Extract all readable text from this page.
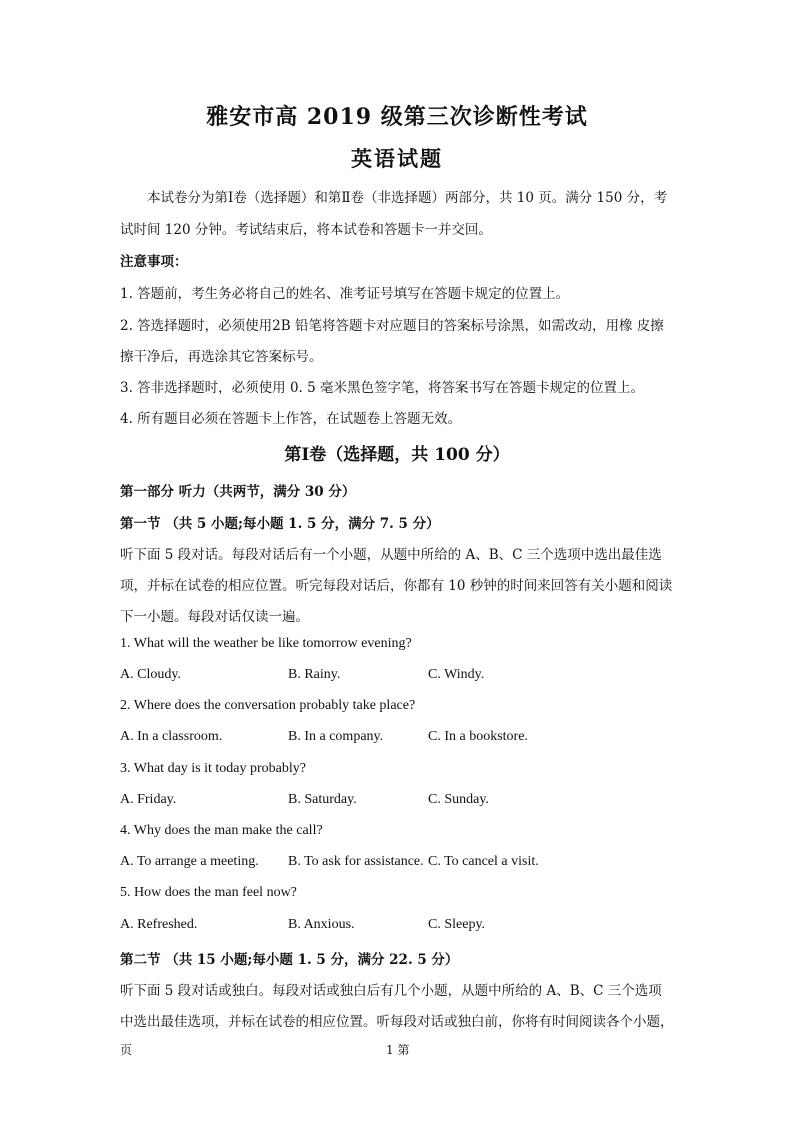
雅安市高 2019 级第三次诊断性考试
英语试题
本试卷分为第Ⅰ卷（选择题）和第Ⅱ卷（非选择题）两部分，共 10 页。满分 150 分，考
试时间 120 分钟。考试结束后，将本试卷和答题卡一并交回。
注意事项：
1. 答题前，考生务必将自己的姓名、准考证号填写在答题卡规定的位置上。
2. 答选择题时，必须使用2B 铅笔将答题卡对应题目的答案标号涂黑，如需改动，用橡 皮擦
擦干净后，再选涂其它答案标号。
3. 答非选择题时，必须使用 0. 5 毫米黑色签字笔，将答案书写在答题卡规定的位置上。
4. 所有题目必须在答题卡上作答，在试题卷上答题无效。
第Ⅰ卷（选择题，共 100 分）
第一部分 听力（共两节，满分 30 分）
第一节 （共 5 小题;每小题 1. 5 分，满分 7. 5 分）
听下面 5 段对话。每段对话后有一个小题，从题中所给的 A、B、C 三个选项中选出最佳选
项，并标在试卷的相应位置。听完每段对话后，你都有 10 秒钟的时间来回答有关小题和阅读
下一小题。每段对话仅读一遍。
1. What will the weather be like tomorrow evening?
A. Cloudy.	B. Rainy.	C. Windy.
2. Where does the conversation probably take place?
A. In a classroom.	B. In a company.	C. In a bookstore.
3. What day is it today probably?
A. Friday.	B. Saturday.	C. Sunday.
4. Why does the man make the call?
A. To arrange a meeting. B. To ask for assistance. C. To cancel a visit.
5. How does the man feel now?
A. Refreshed.	B. Anxious.	C. Sleepy.
第二节 （共 15 小题;每小题 1. 5 分，满分 22. 5 分）
听下面 5 段对话或独白。每段对话或独白后有几个小题，从题中所给的 A、B、C 三个选项
中选出最佳选项，并标在试卷的相应位置。听每段对话或独白前，你将有时间阅读各个小题，
页	1 第
